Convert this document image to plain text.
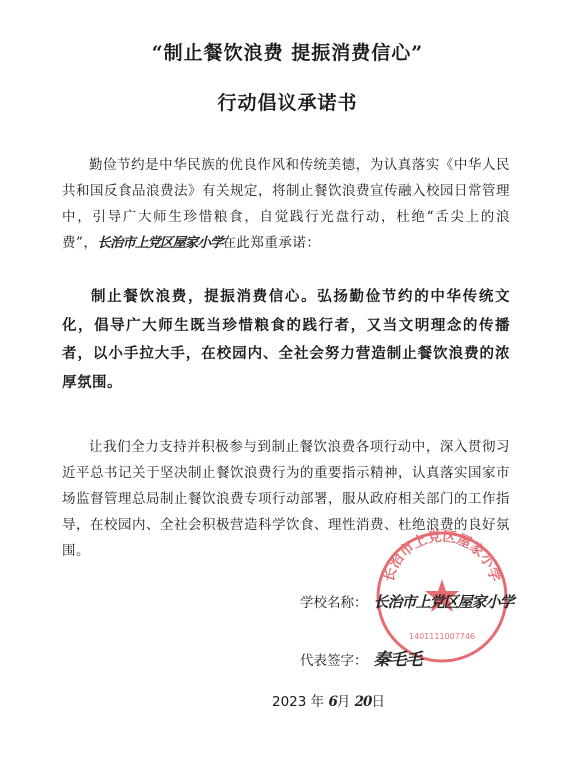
“制止餐饮浪费 提振消费信心”
行动倡议承诺书
勤俭节约是中华民族的优良作风和传统美德，为认真落实《中华人民共和国反食品浪费法》有关规定，将制止餐饮浪费宣传融入校园日常管理中，引导广大师生珍惜粮食，自觉践行光盘行动，杜绝“舌尖上的浪费”，长治市上党区屋家小学在此郑重承诺：
制止餐饮浪费，提振消费信心。弘扬勤俭节约的中华传统文化，倡导广大师生既当珍惜粮食的践行者，又当文明理念的传播者，以小手拉大手，在校园内、全社会努力营造制止餐饮浪费的浓厚氛围。
让我们全力支持并积极参与到制止餐饮浪费各项行动中，深入贯彻习近平总书记关于坚决制止餐饮浪费行为的重要指示精神，认真落实国家市场监督管理总局制止餐饮浪费专项行动部署，服从政府相关部门的工作指导，在校园内、全社会积极营造科学饮食、理性消费、杜绝浪费的良好氛围。
长治市上党区屋家小学
1401111007746
学校名称： 长治市上党区屋家小学
代表签字： 秦毛毛
2023 年 6月 20日
